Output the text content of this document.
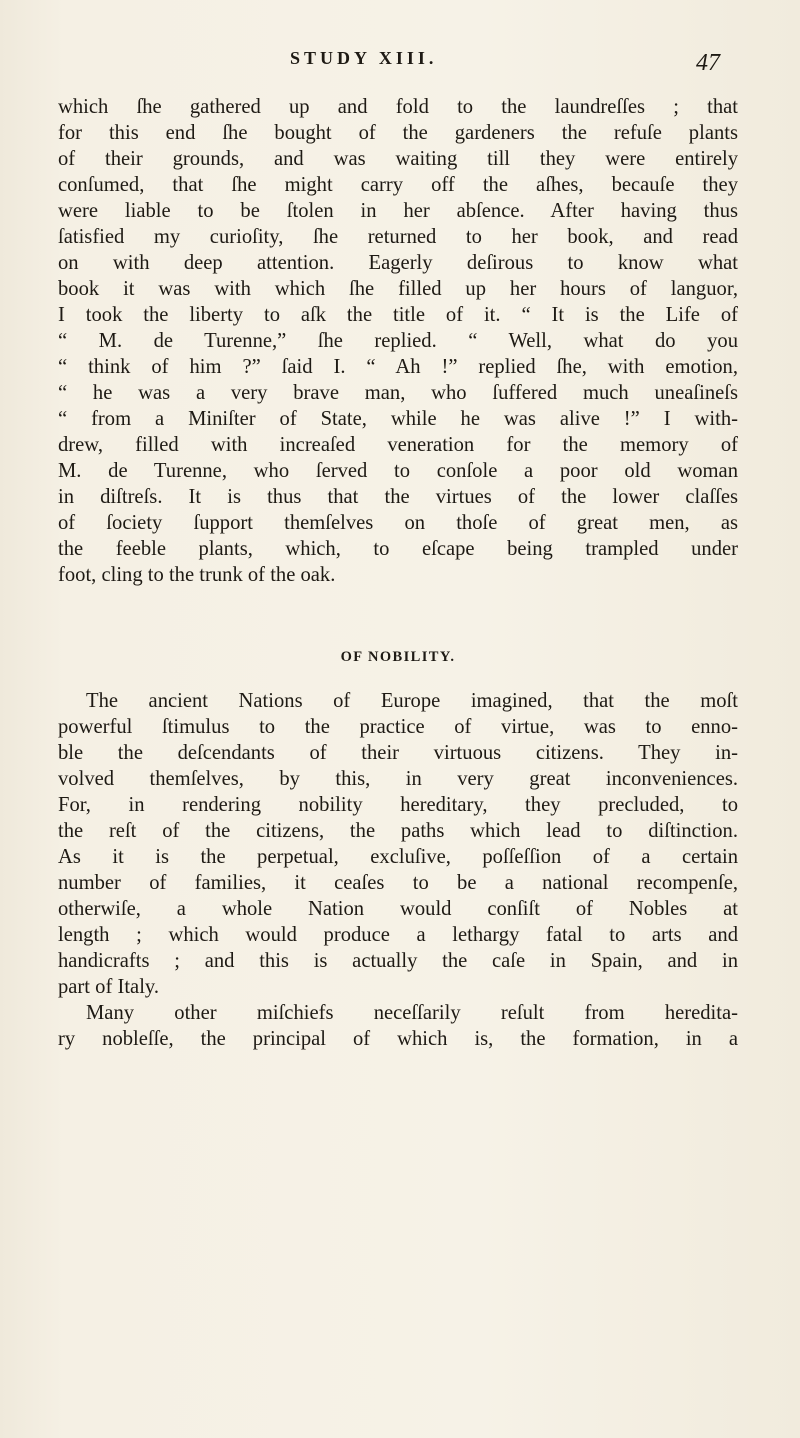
STUDY XIII.	47
which ſhe gathered up and fold to the laundreſſes ; that
for this end ſhe bought of the gardeners the refuſe plants
of their grounds, and was waiting till they were entirely
conſumed, that ſhe might carry off the aſhes, becauſe they
were liable to be ſtolen in her abſence. After having thus
ſatisfied my curioſity, ſhe returned to her book, and read
on with deep attention. Eagerly deſirous to know what
book it was with which ſhe filled up her hours of languor,
I took the liberty to aſk the title of it. “ It is the Life of
“ M. de Turenne,” ſhe replied. “ Well, what do you
“ think of him ?” ſaid I. “ Ah !” replied ſhe, with emotion,
“ he was a very brave man, who ſuffered much uneaſineſs
“ from a Miniſter of State, while he was alive !” I with-
drew, filled with increaſed veneration for the memory of
M. de Turenne, who ſerved to conſole a poor old woman
in diſtreſs. It is thus that the virtues of the lower claſſes
of ſociety ſupport themſelves on thoſe of great men, as
the feeble plants, which, to eſcape being trampled under
foot, cling to the trunk of the oak.
OF NOBILITY.
The ancient Nations of Europe imagined, that the moſt
powerful ſtimulus to the practice of virtue, was to enno-
ble the deſcendants of their virtuous citizens. They in-
volved themſelves, by this, in very great inconveniences.
For, in rendering nobility hereditary, they precluded, to
the reſt of the citizens, the paths which lead to diſtinction.
As it is the perpetual, excluſive, poſſeſſion of a certain
number of families, it ceaſes to be a national recompenſe,
otherwiſe, a whole Nation would conſiſt of Nobles at
length ; which would produce a lethargy fatal to arts and
handicrafts ; and this is actually the caſe in Spain, and in
part of Italy.
Many other miſchiefs neceſſarily reſult from heredita-
ry nobleſſe, the principal of which is, the formation, in a
